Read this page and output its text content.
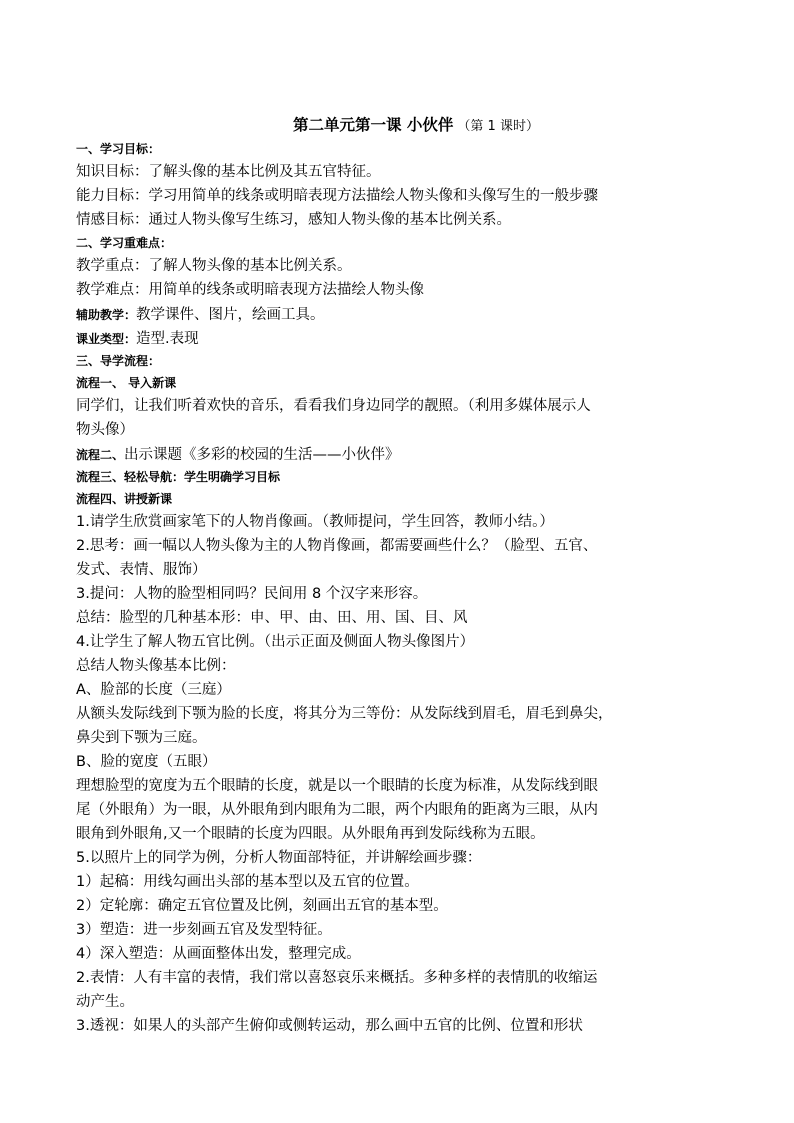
第二单元第一课 小伙伴 （第 1 课时）
一、学习目标：
知识目标：了解头像的基本比例及其五官特征。
能力目标：学习用简单的线条或明暗表现方法描绘人物头像和头像写生的一般步骤
情感目标：通过人物头像写生练习，感知人物头像的基本比例关系。
二、学习重难点：
教学重点：了解人物头像的基本比例关系。
教学难点：用简单的线条或明暗表现方法描绘人物头像
辅助教学：教学课件、图片，绘画工具。
课业类型：造型.表现
三、导学流程：
流程一、 导入新课
同学们，让我们听着欢快的音乐，看看我们身边同学的靓照。（利用多媒体展示人
物头像）
流程二、出示课题《多彩的校园的生活——小伙伴》
流程三、轻松导航：学生明确学习目标
流程四、讲授新课
1.请学生欣赏画家笔下的人物肖像画。（教师提问，学生回答，教师小结。）
2.思考：画一幅以人物头像为主的人物肖像画，都需要画些什么？（脸型、五官、
发式、表情、服饰）
3.提问：人物的脸型相同吗？民间用 8 个汉字来形容。
总结：脸型的几种基本形：申、甲、由、田、用、国、目、风
4.让学生了解人物五官比例。（出示正面及侧面人物头像图片）
总结人物头像基本比例：
A、脸部的长度（三庭）
从额头发际线到下颚为脸的长度，将其分为三等份：从发际线到眉毛，眉毛到鼻尖，
鼻尖到下颚为三庭。
B、脸的宽度（五眼）
理想脸型的宽度为五个眼睛的长度，就是以一个眼睛的长度为标准，从发际线到眼
尾（外眼角）为一眼，从外眼角到内眼角为二眼，两个内眼角的距离为三眼，从内
眼角到外眼角,又一个眼睛的长度为四眼。从外眼角再到发际线称为五眼。
5.以照片上的同学为例，分析人物面部特征，并讲解绘画步骤：
1）起稿：用线勾画出头部的基本型以及五官的位置。
2）定轮廓：确定五官位置及比例，刻画出五官的基本型。
3）塑造：进一步刻画五官及发型特征。
4）深入塑造：从画面整体出发，整理完成。
2.表情：人有丰富的表情，我们常以喜怒哀乐来概括。多种多样的表情肌的收缩运
动产生。
3.透视：如果人的头部产生俯仰或侧转运动，那么画中五官的比例、位置和形状
